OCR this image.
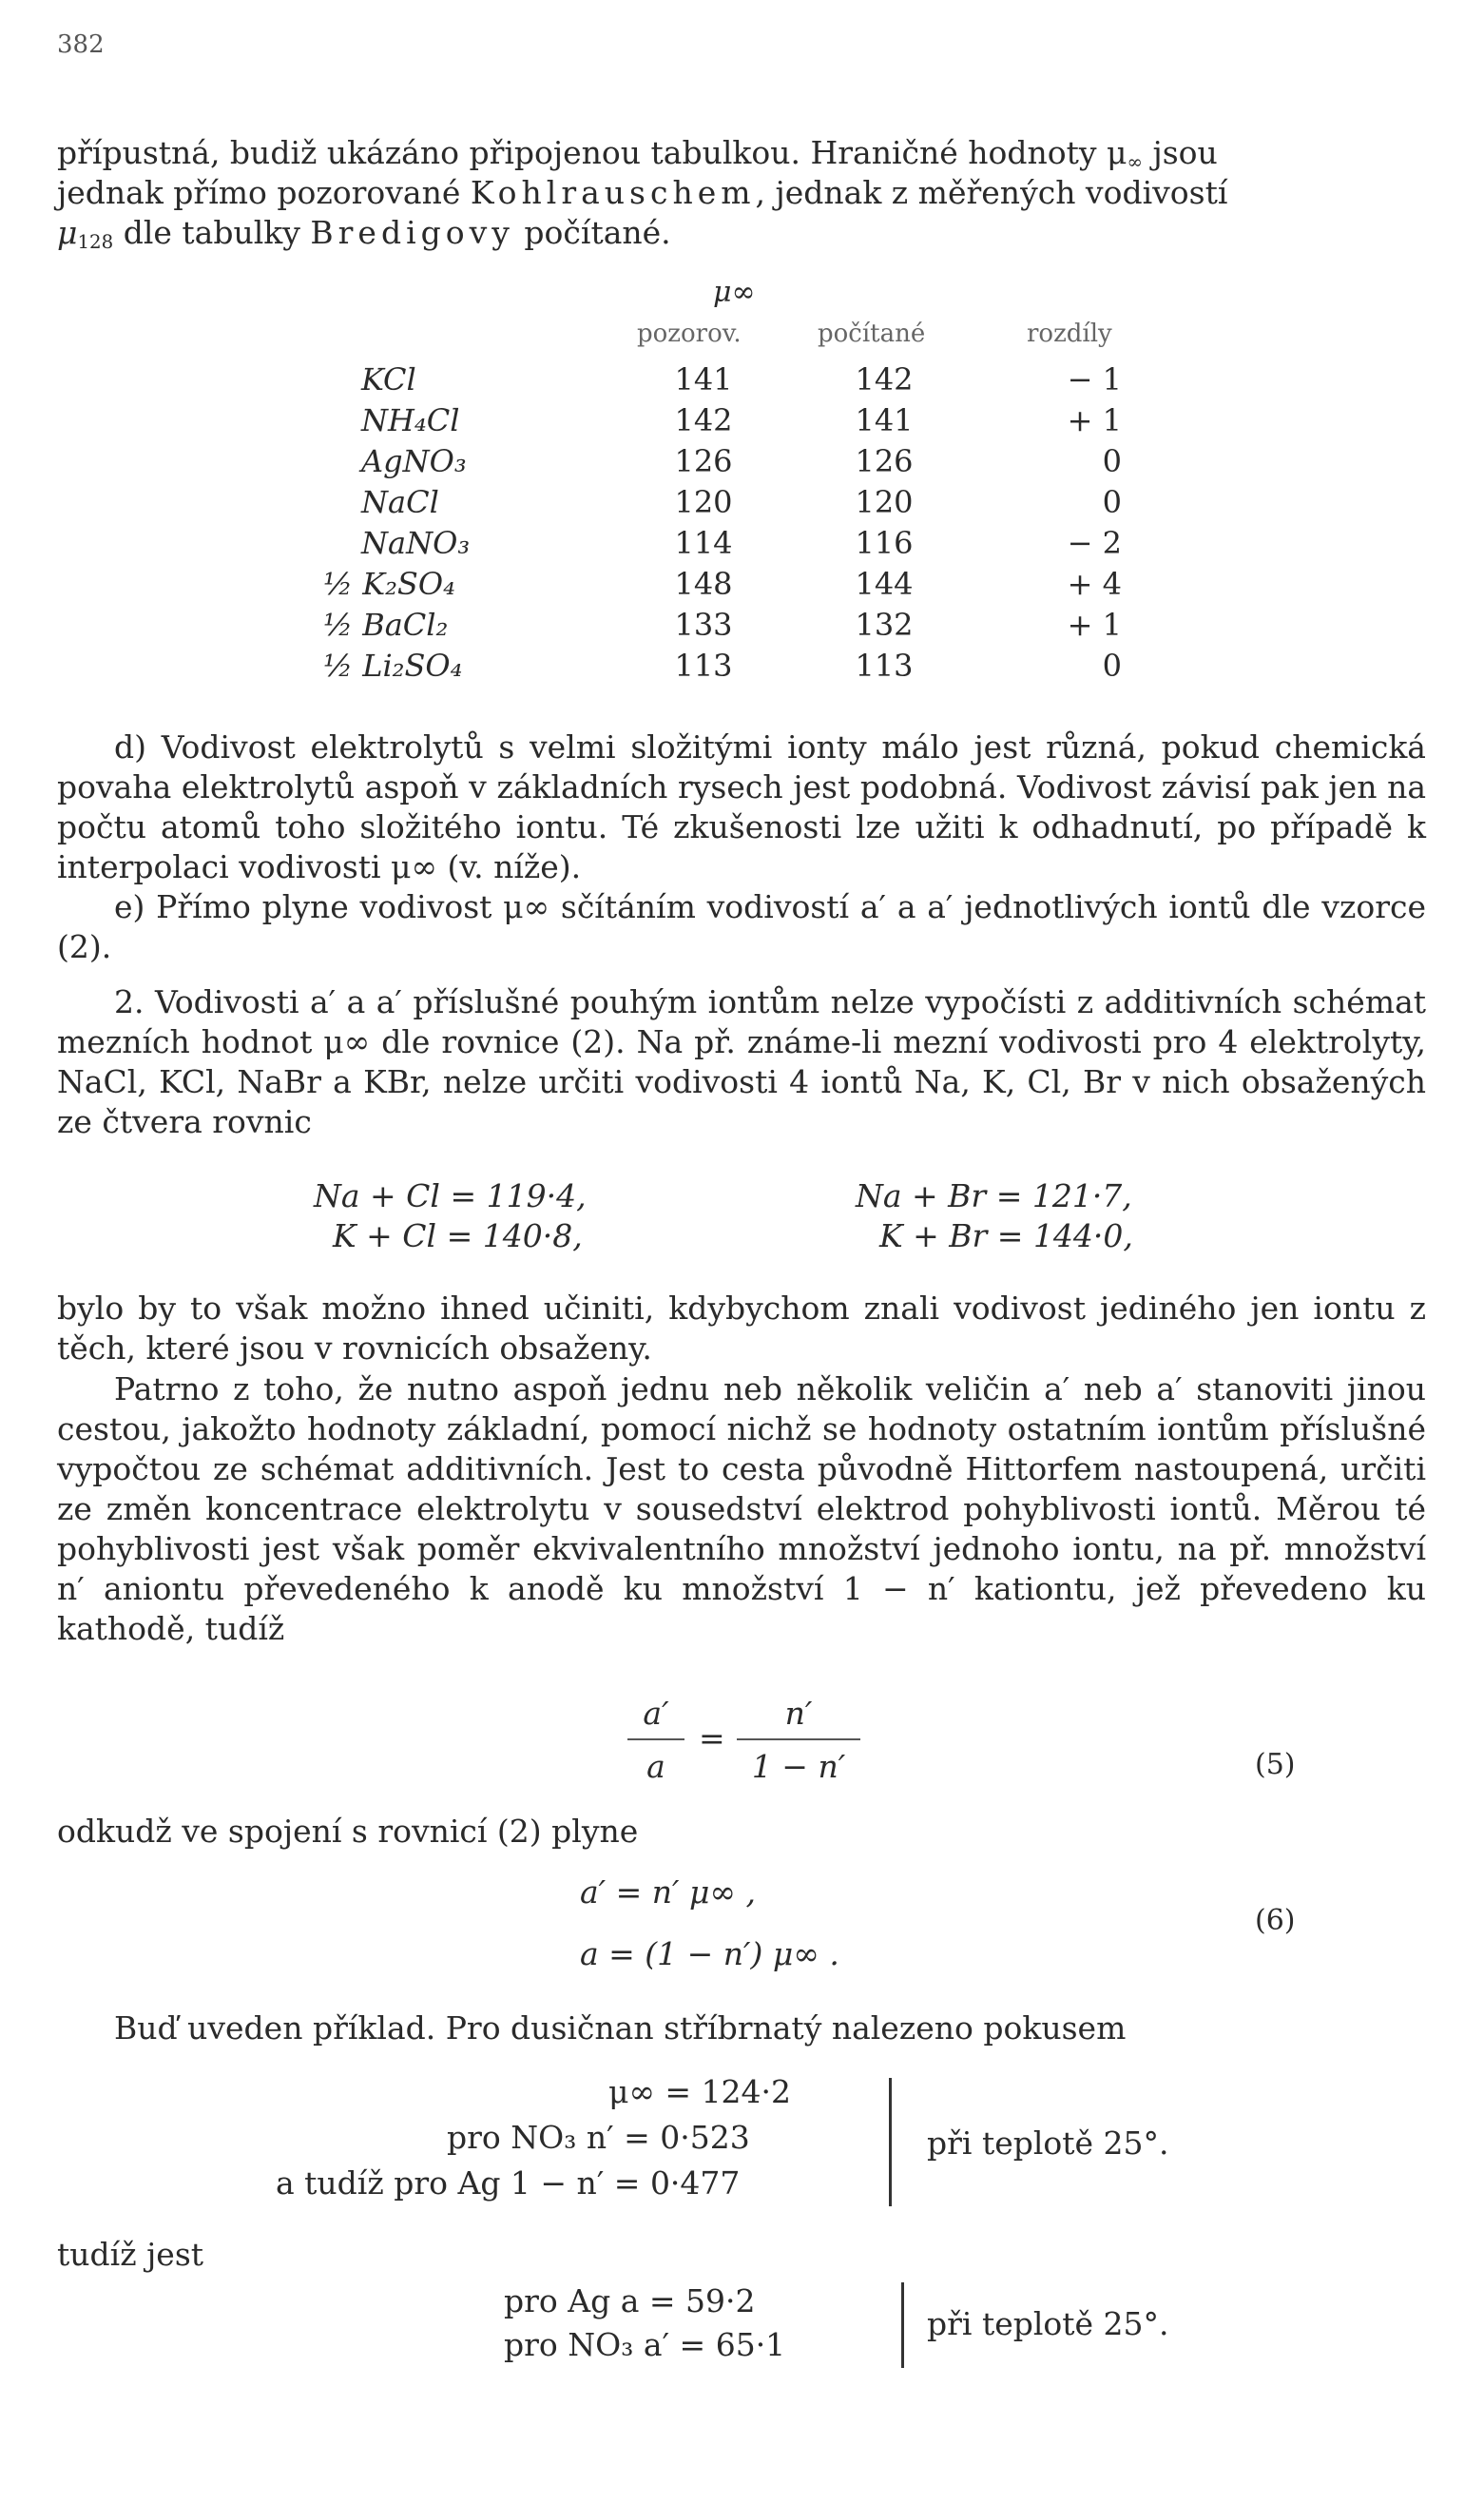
382
přípustná, budiž ukázáno připojenou tabulkou. Hraničné hodnoty $\mu_\infty$ jsou
jednak přímo pozorované Kohlrauschem, jednak z měřených vodivostí
$\mu_{128}$ dle tabulky Bredigovy počítané.
μ∞
pozorov.	počítané	rozdíly
KCl	141	142	− 1
NH₄Cl	142	141	+ 1
AgNO₃	126	126	0
NaCl	120	120	0
NaNO₃	114	116	− 2
½ K₂SO₄	148	144	+ 4
½ BaCl₂	133	132	+ 1
½ Li₂SO₄	113	113	0
d) Vodivost elektrolytů s velmi složitými ionty málo jest různá, pokud chemická povaha elektrolytů aspoň v základních rysech jest podobná. Vodivost závisí pak jen na počtu atomů toho složitého iontu. Té zkušenosti lze užiti k odhadnutí, po případě k interpolaci vodivosti μ∞ (v. níže).
e) Přímo plyne vodivost μ∞ sčítáním vodivostí a′ a a′ jednotlivých iontů dle vzorce (2).
2. Vodivosti a′ a a′ příslušné pouhým iontům nelze vypočísti z additivních schémat mezních hodnot μ∞ dle rovnice (2). Na př. známe-li mezní vodivosti pro 4 elektrolyty, NaCl, KCl, NaBr a KBr, nelze určiti vodivosti 4 iontů Na, K, Cl, Br v nich obsažených ze čtvera rovnic
Na + Cl = 119·4,	Na + Br = 121·7,
K + Cl = 140·8,	K + Br = 144·0,
bylo by to však možno ihned učiniti, kdybychom znali vodivost jediného jen iontu z těch, které jsou v rovnicích obsaženy.
Patrno z toho, že nutno aspoň jednu neb několik veličin a′ neb a′ stanoviti jinou cestou, jakožto hodnoty základní, pomocí nichž se hodnoty ostatním iontům příslušné vypočtou ze schémat additivních. Jest to cesta původně Hittorfem nastoupená, určiti ze změn koncentrace elektrolytu v sousedství elektrod pohyblivosti iontů. Měrou té pohyblivosti jest však poměr ekvivalentního množství jednoho iontu, na př. množství n′ aniontu převedeného k anodě ku množství 1 − n′ kationtu, jež převedeno ku kathodě, tudíž
a′
a
=
n′
1 − n′	(5)
odkudž ve spojení s rovnicí (2) plyne
a′ = n′ μ∞ ,
a = (1 − n′) μ∞ .
(6)
Buď uveden příklad. Pro dusičnan stříbrnatý nalezeno pokusem
μ∞ = 124·2
pro NO₃ n′ = 0·523
a tudíž pro Ag 1 − n′ = 0·477
při teplotě 25°.
tudíž jest
pro Ag a = 59·2
pro NO₃ a′ = 65·1
při teplotě 25°.
